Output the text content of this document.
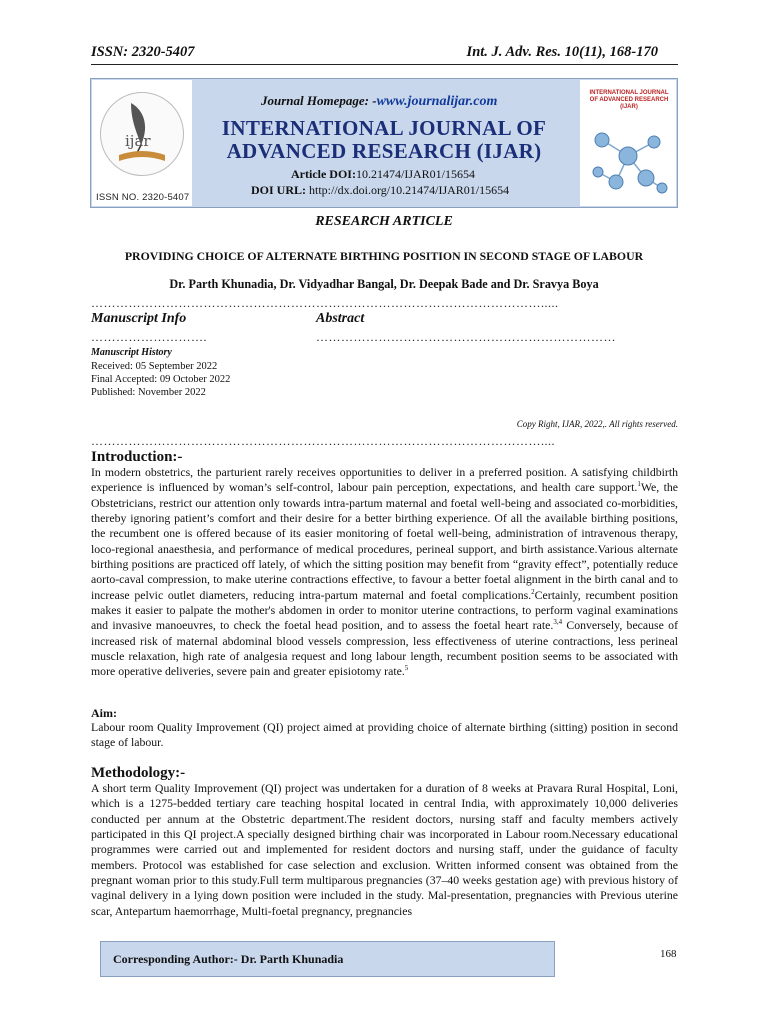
ISSN: 2320-5407	Int. J. Adv. Res. 10(11), 168-170

ijar

ISSN NO. 2320-5407

Journal Homepage: -www.journalijar.com

INTERNATIONAL JOURNAL OF ADVANCED RESEARCH (IJAR)

Article DOI:10.21474/IJAR01/15654

DOI URL: http://dx.doi.org/10.21474/IJAR01/15654

INTERNATIONAL JOURNAL OF ADVANCED RESEARCH (IJAR)

RESEARCH ARTICLE
PROVIDING CHOICE OF ALTERNATE BIRTHING POSITION IN SECOND STAGE OF LABOUR

Dr. Parth Khunadia, Dr. Vidyadhar Bangal, Dr. Deepak Bade and Dr. Sravya Boya

……………………………………………………………………………………………….....

Manuscript Info	Abstract

……………………….	………………………………………………………………

Manuscript History

Received: 05 September 2022

Final Accepted: 09 October 2022

Published: November 2022

Copy Right, IJAR, 2022,. All rights reserved.

………………………………………………………………………………………………....

Introduction:-

In modern obstetrics, the parturient rarely receives opportunities to deliver in a preferred position. A satisfying childbirth experience is influenced by woman’s self-control, labour pain perception, expectations, and health care support.$^1$We, the Obstetricians, restrict our attention only towards intra-partum maternal and foetal well-being and associated co-morbidities, thereby ignoring patient’s comfort and their desire for a better birthing experience. Of all the available birthing positions, the recumbent one is offered because of its easier monitoring of foetal well-being, administration of intravenous therapy, loco-regional anaesthesia, and performance of medical procedures, perineal support, and birth assistance.Various alternate birthing positions are practiced off lately, of which the sitting position may benefit from “gravity effect”, potentially reduce aorto-caval compression, to make uterine contractions effective, to favour a better foetal alignment in the birth canal and to increase pelvic outlet diameters, reducing intra-partum maternal and foetal complications.$^2$Certainly, recumbent position makes it easier to palpate the mother's abdomen in order to monitor uterine contractions, to perform vaginal examinations and invasive manoeuvres, to check the foetal head position, and to assess the foetal heart rate.$^{3,4}$ Conversely, because of increased risk of maternal abdominal blood vessels compression, less effectiveness of uterine contractions, less perineal muscle relaxation, high rate of analgesia request and long labour length, recumbent position seems to be associated with more operative deliveries, severe pain and greater episiotomy rate.$^5$

Aim:

Labour room Quality Improvement (QI) project aimed at providing choice of alternate birthing (sitting) position in second stage of labour.

Methodology:-

A short term Quality Improvement (QI) project was undertaken for a duration of 8 weeks at Pravara Rural Hospital, Loni, which is a 1275-bedded tertiary care teaching hospital located in central India, with approximately 10,000 deliveries conducted per annum at the Obstetric department.The resident doctors, nursing staff and faculty members actively participated in this QI project.A specially designed birthing chair was incorporated in Labour room.Necessary educational programmes were carried out and implemented for resident doctors and nursing staff, under the guidance of faculty members. Protocol was established for case selection and exclusion. Written informed consent was obtained from the pregnant woman prior to this study.Full term multiparous pregnancies (37–40 weeks gestation age) with previous history of vaginal delivery in a lying down position were included in the study. Mal-presentation, pregnancies with Previous uterine scar, Antepartum haemorrhage, Multi-foetal pregnancy, pregnancies

Corresponding Author:- Dr. Parth Khunadia	168
